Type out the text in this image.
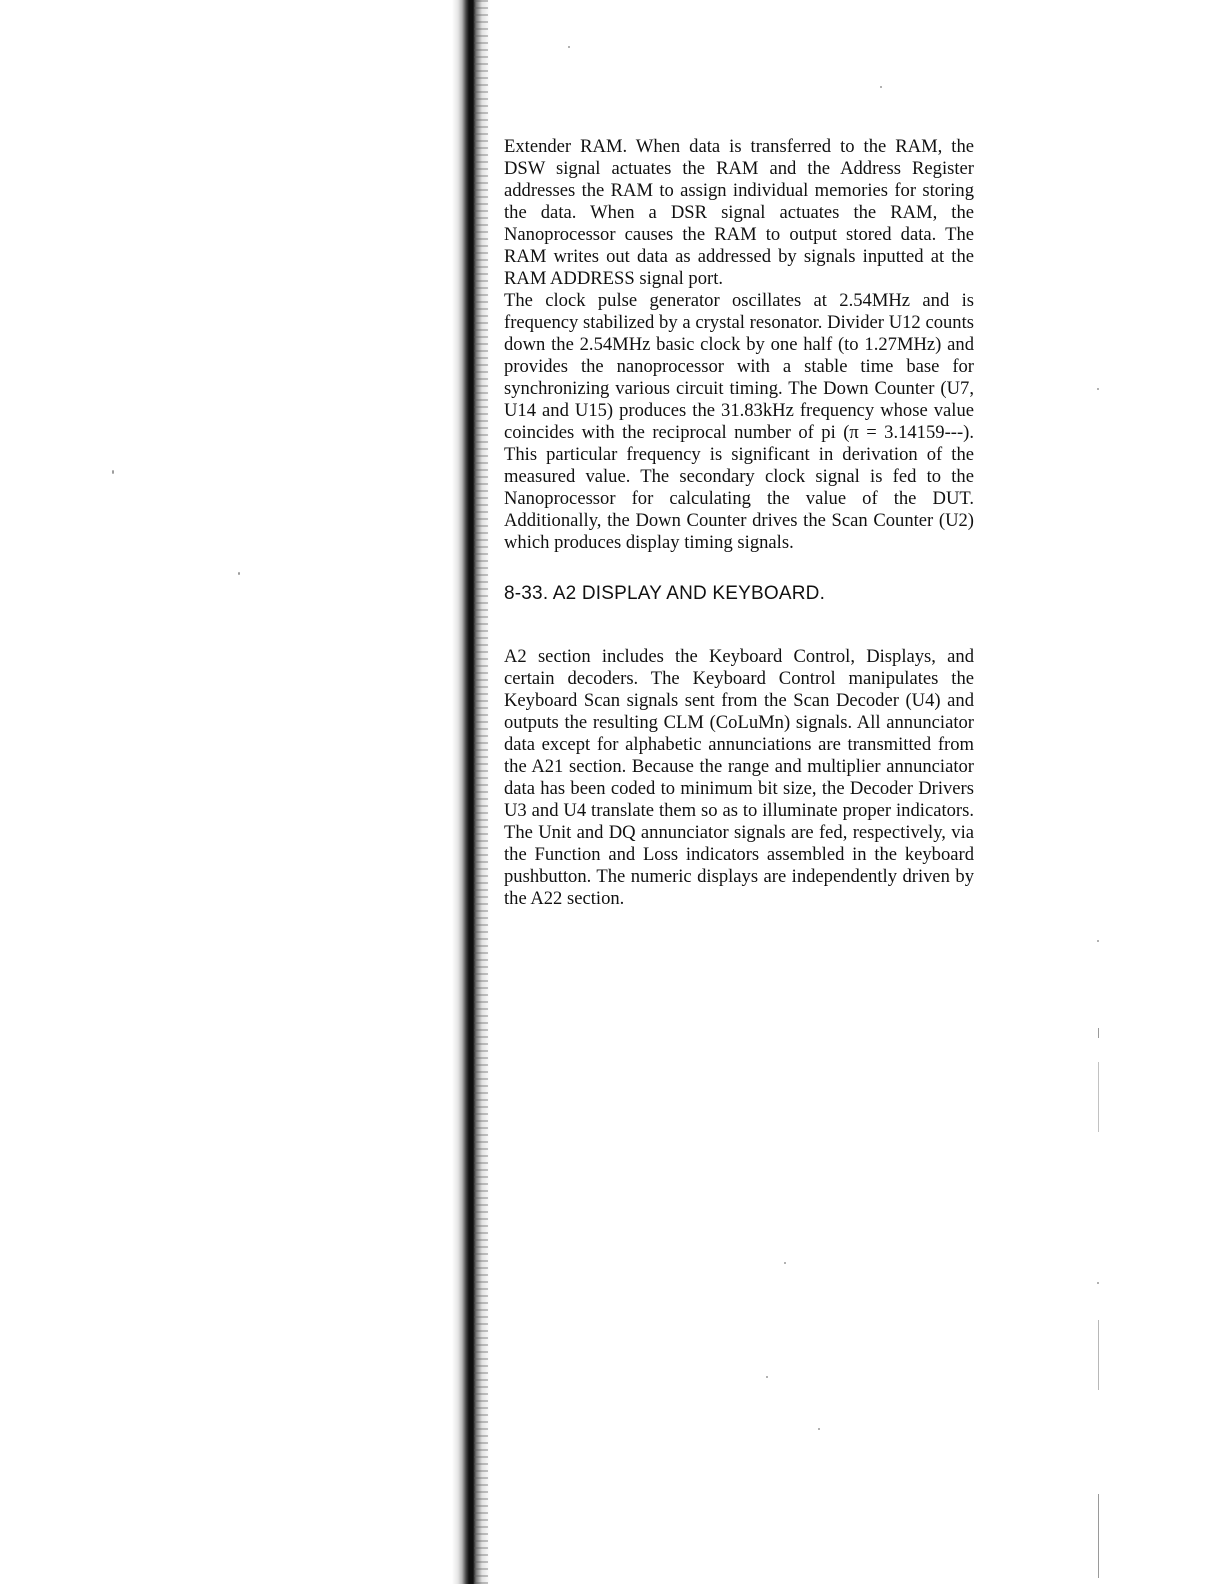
Extender RAM. When data is transferred to the RAM, the DSW signal actuates the RAM and the Address Register addresses the RAM to assign individual memories for storing the data. When a DSR signal actuates the RAM, the Nanoprocessor causes the RAM to output stored data. The RAM writes out data as addressed by signals inputted at the RAM ADDRESS signal port.

The clock pulse generator oscillates at 2.54MHz and is frequency stabilized by a crystal resonator. Divider U12 counts down the 2.54MHz basic clock by one half (to 1.27MHz) and provides the nanoprocessor with a stable time base for synchronizing various circuit timing. The Down Counter (U7, U14 and U15) produces the 31.83kHz frequency whose value coincides with the reciprocal number of pi (π = 3.14159---). This particular frequency is significant in derivation of the measured value. The secondary clock signal is fed to the Nanoprocessor for calculating the value of the DUT. Additionally, the Down Counter drives the Scan Counter (U2) which produces display timing signals.

8-33. A2 DISPLAY AND KEYBOARD.

A2 section includes the Keyboard Control, Displays, and certain decoders. The Keyboard Control manipulates the Keyboard Scan signals sent from the Scan Decoder (U4) and outputs the resulting CLM (CoLuMn) signals. All annunciator data except for alphabetic annunciations are transmitted from the A21 section. Because the range and multiplier annunciator data has been coded to minimum bit size, the Decoder Drivers U3 and U4 translate them so as to illuminate proper indicators. The Unit and DQ annunciator signals are fed, respectively, via the Function and Loss indicators assembled in the keyboard pushbutton. The numeric displays are independently driven by the A22 section.
